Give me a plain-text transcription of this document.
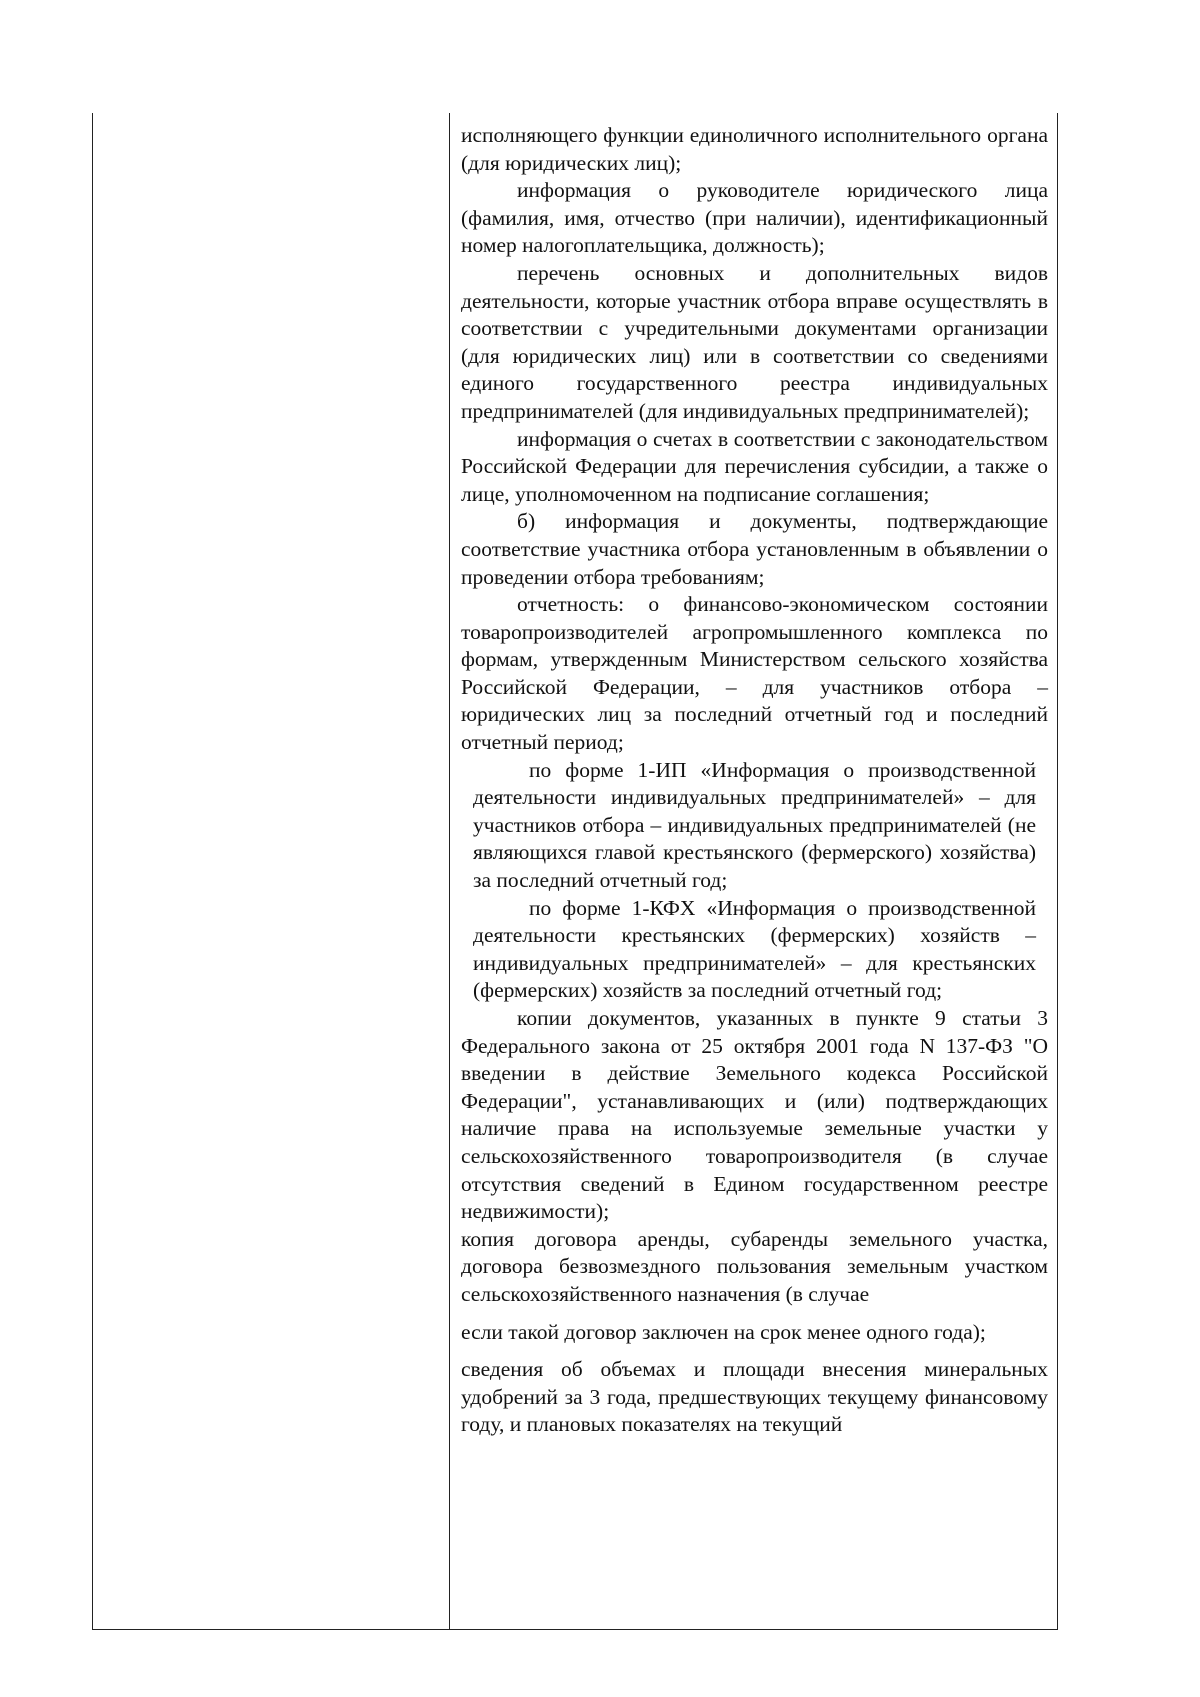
исполняющего функции единоличного исполнительного органа (для юридических лиц);

информация о руководителе юридического лица (фамилия, имя, отчество (при наличии), идентификационный номер налогоплательщика, должность);

перечень основных и дополнительных видов деятельности, которые участник отбора вправе осуществлять в соответствии с учредительными документами организации (для юридических лиц) или в соответствии со сведениями единого государственного реестра индивидуальных предпринимателей (для индивидуальных предпринимателей);

информация о счетах в соответствии с законодательством Российской Федерации для перечисления субсидии, а также о лице, уполномоченном на подписание соглашения;

б) информация и документы, подтверждающие соответствие участника отбора установленным в объявлении о проведении отбора требованиям;

отчетность: о финансово-экономическом состоянии товаропроизводителей агропромышленного комплекса по формам, утвержденным Министерством сельского хозяйства Российской Федерации, – для участников отбора – юридических лиц за последний отчетный год и последний отчетный период;

по форме 1-ИП «Информация о производственной деятельности индивидуальных предпринимателей» – для участников отбора – индивидуальных предпринимателей (не являющихся главой крестьянского (фермерского) хозяйства) за последний отчетный год;

по форме 1-КФХ «Информация о производственной деятельности крестьянских (фермерских) хозяйств – индивидуальных предпринимателей» – для крестьянских (фермерских) хозяйств за последний отчетный год;

копии документов, указанных в пункте 9 статьи 3 Федерального закона от 25 октября 2001 года N 137-ФЗ "О введении в действие Земельного кодекса Российской Федерации", устанавливающих и (или) подтверждающих наличие права на используемые земельные участки у сельскохозяйственного товаропроизводителя (в случае отсутствия сведений в Едином государственном реестре недвижимости);

копия договора аренды, субаренды земельного участка, договора безвозмездного пользования земельным участком сельскохозяйственного назначения (в случае

если такой договор заключен на срок менее одного года);

сведения об объемах и площади внесения минеральных удобрений за 3 года, предшествующих текущему финансовому году, и плановых показателях на текущий
